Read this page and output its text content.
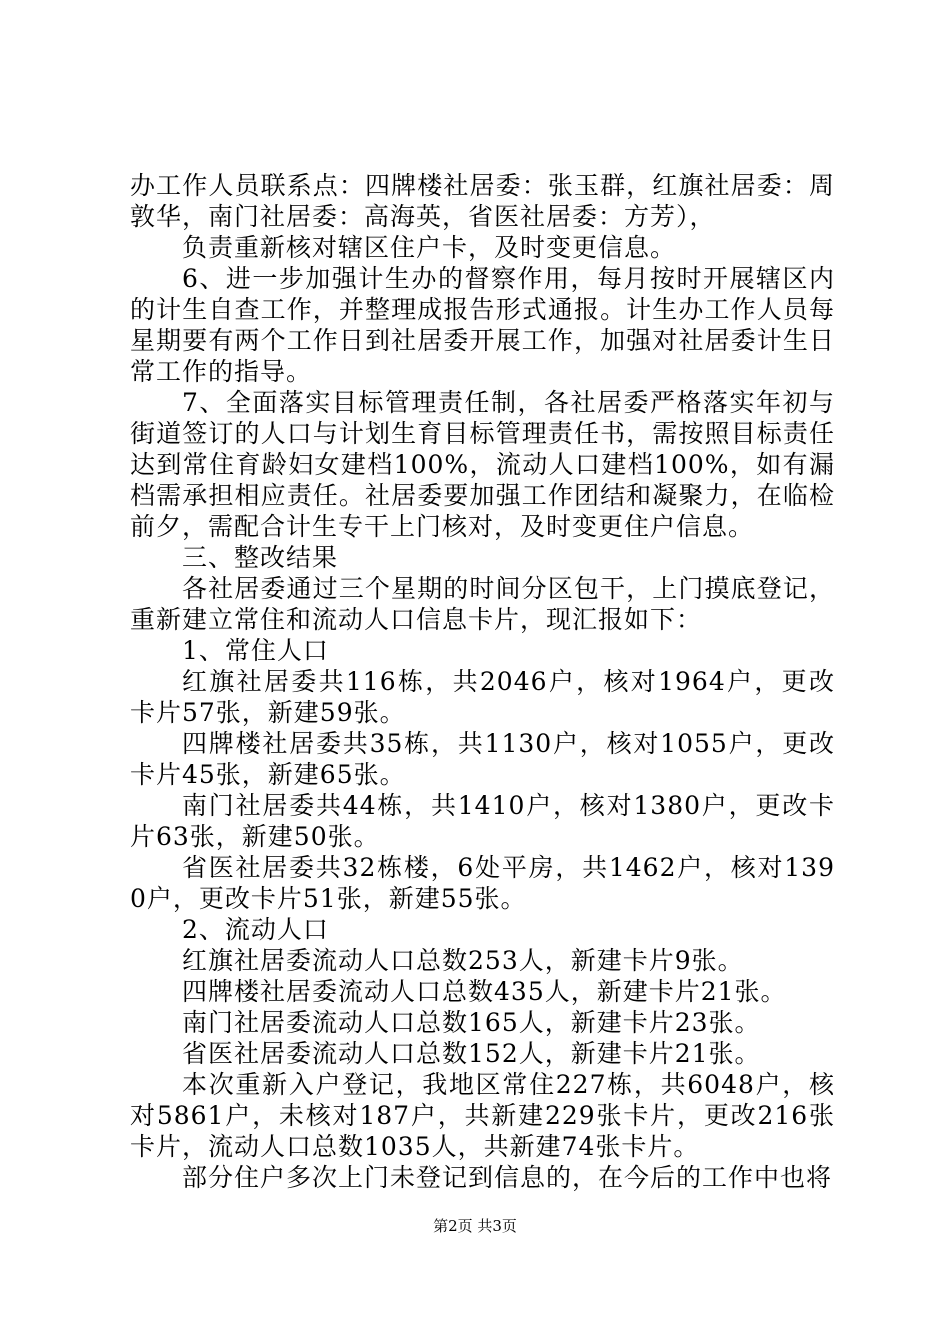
办工作人员联系点：四牌楼社居委：张玉群，红旗社居委：周敦华，南门社居委：高海英，省医社居委：方芳），

负责重新核对辖区住户卡，及时变更信息。

6、进一步加强计生办的督察作用，每月按时开展辖区内的计生自查工作，并整理成报告形式通报。计生办工作人员每星期要有两个工作日到社居委开展工作，加强对社居委计生日常工作的指导。

7、全面落实目标管理责任制，各社居委严格落实年初与街道签订的人口与计划生育目标管理责任书，需按照目标责任达到常住育龄妇女建档100%，流动人口建档100%，如有漏档需承担相应责任。社居委要加强工作团结和凝聚力，在临检前夕，需配合计生专干上门核对，及时变更住户信息。

三、整改结果

各社居委通过三个星期的时间分区包干，上门摸底登记，重新建立常住和流动人口信息卡片，现汇报如下：

1、常住人口

红旗社居委共116栋，共2046户，核对1964户，更改卡片57张，新建59张。

四牌楼社居委共35栋，共1130户，核对1055户，更改卡片45张，新建65张。

南门社居委共44栋，共1410户，核对1380户，更改卡片63张，新建50张。

省医社居委共32栋楼，6处平房，共1462户，核对1390户，更改卡片51张，新建55张。

2、流动人口

红旗社居委流动人口总数253人，新建卡片9张。

四牌楼社居委流动人口总数435人，新建卡片21张。

南门社居委流动人口总数165人，新建卡片23张。

省医社居委流动人口总数152人，新建卡片21张。

本次重新入户登记，我地区常住227栋，共6048户，核对5861户，未核对187户，共新建229张卡片，更改216张卡片，流动人口总数1035人，共新建74张卡片。

部分住户多次上门未登记到信息的，在今后的工作中也将

第2页 共3页
